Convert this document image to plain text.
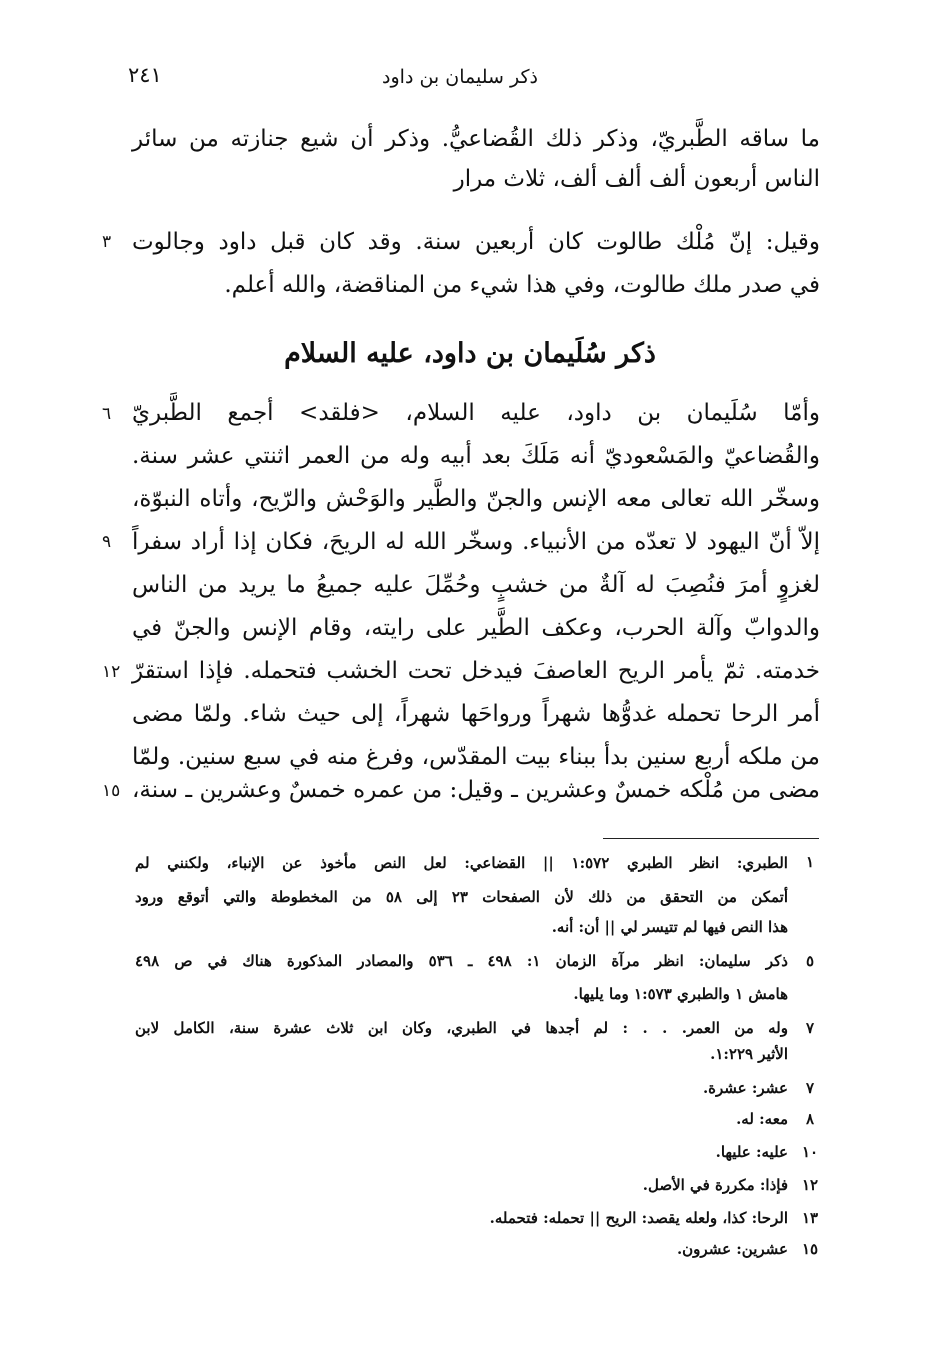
ذكر سليمان بن داود
٢٤١
ما ساقه الطَّبريّ، وذكر ذلك القُضاعيُّ. وذكر أن شيع جنازته من سائر
الناس أربعون ألف ألف ألف، ثلاث مرار
وقيل: إنّ مُلْك طالوت كان أربعين سنة. وقد كان قبل داود وجالوت
في صدر ملك طالوت، وفي هذا شيء من المناقضة، والله أعلم.
ذكر سُلَيمان بن داود، عليه السلام
وأمّا سُلَيمان بن داود، عليه السلام، <فلقد> أجمع الطَّبريّ
والقُضاعيّ والمَسْعوديّ أنه مَلَكَ بعد أبيه وله من العمر اثنتي عشر سنة.
وسخّر الله تعالى معه الإنس والجنّ والطَّير والوَحْش والرّيح، وأتاه النبوّة،
إلاّ أنّ اليهود لا تعدّه من الأنبياء. وسخّر الله له الريحَ، فكان إذا أراد سفراً
لغزوٍ أمرَ فنُصِبَ له آلةٌ من خشبٍ وحُمِّلَ عليه جميعُ ما يريد من الناس
والدوابّ وآلة الحرب، وعكف الطَّير على رايته، وقام الإنس والجنّ في
خدمته. ثمّ يأمر الريح العاصفَ فيدخل تحت الخشب فتحمله. فإذا استقرّ
أمر الرحا تحمله غدوُّها شهراً ورواحَها شهراً، إلى حيث شاء. ولمّا مضى
من ملكه أربع سنين بدأ ببناء بيت المقدّس، وفرغ منه في سبع سنين. ولمّا
مضى من مُلْكه خمسٌ وعشرين ـ وقيل: من عمره خمسٌ وعشرين ـ سنة،
٣
٦
٩
١٢
١٥
١
الطبري: انظر الطبري ١:٥٧٢ || القضاعي: لعل النص مأخوذ عن الإنباء، ولكنني لم
أتمكن من التحقق من ذلك لأن الصفحات ٢٣ إلى ٥٨ من المخطوطة والتي أتوقع ورود
هذا النص فيها لم تتيسر لي || أن: أنه.
٥
ذكر سليمان: انظر مرآة الزمان ١: ٤٩٨ ـ ٥٣٦ والمصادر المذكورة هناك في ص ٤٩٨
هامش ١ والطبري ١:٥٧٣ وما يليها.
٧
وله من العمر. . . : لم أجدها في الطبري، وكان ابن ثلاث عشرة سنة، الكامل لابن
الأثير ١:٢٢٩.
٧
عشر: عشرة.
٨
معه: له.
١٠
عليه: عليها.
١٢
فإذا: مكررة في الأصل.
١٣
الرحا: كذا، ولعله يقصد: الريح || تحمله: فتحمله.
١٥
عشرين: عشرون.
